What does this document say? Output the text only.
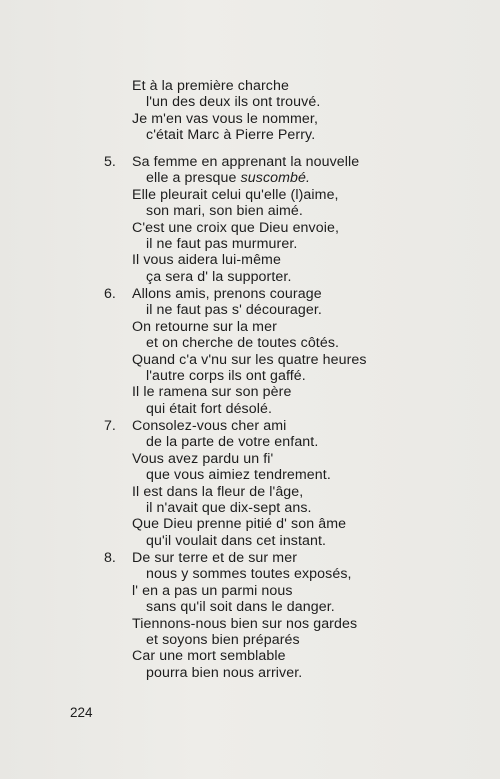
Et à la première charche
l'un des deux ils ont trouvé.
Je m'en vas vous le nommer,
c'était Marc à Pierre Perry.
5. Sa femme en apprenant la nouvelle
elle a presque suscombé.
Elle pleurait celui qu'elle (l)aime,
son mari, son bien aimé.
C'est une croix que Dieu envoie,
il ne faut pas murmurer.
Il vous aidera lui-même
ça sera d' la supporter.
6. Allons amis, prenons courage
il ne faut pas s' décourager.
On retourne sur la mer
et on cherche de toutes côtés.
Quand c'a v'nu sur les quatre heures
l'autre corps ils ont gaffé.
Il le ramena sur son père
qui était fort désolé.
7. Consolez-vous cher ami
de la parte de votre enfant.
Vous avez pardu un fi'
que vous aimiez tendrement.
Il est dans la fleur de l'âge,
il n'avait que dix-sept ans.
Que Dieu prenne pitié d' son âme
qu'il voulait dans cet instant.
8. De sur terre et de sur mer
nous y sommes toutes exposés,
l' en a pas un parmi nous
sans qu'il soit dans le danger.
Tiennons-nous bien sur nos gardes
et soyons bien préparés
Car une mort semblable
pourra bien nous arriver.
224
